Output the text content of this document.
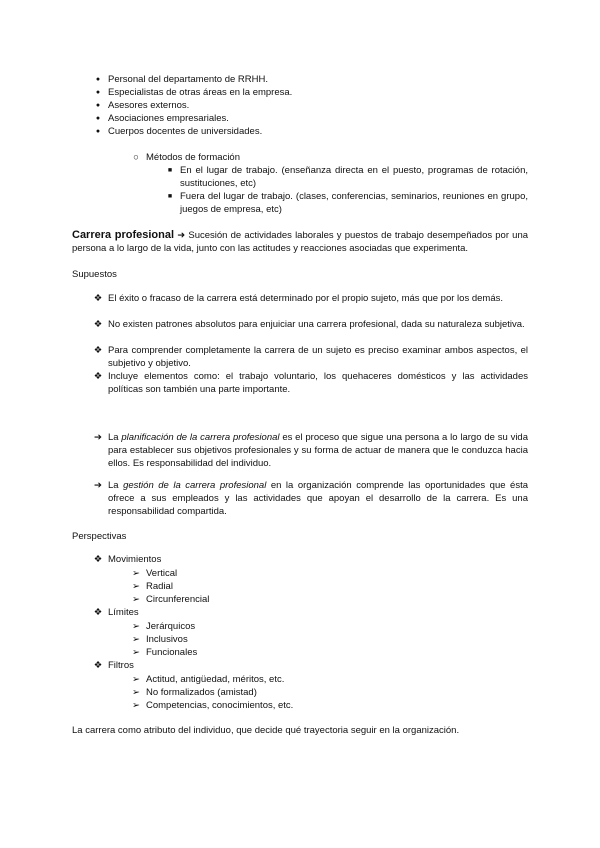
● Personal del departamento de RRHH.
● Especialistas de otras áreas en la empresa.
● Asesores externos.
● Asociaciones empresariales.
● Cuerpos docentes de universidades.
○ Métodos de formación
■ En el lugar de trabajo. (enseñanza directa en el puesto, programas de rotación, sustituciones, etc)
■ Fuera del lugar de trabajo. (clases, conferencias, seminarios, reuniones en grupo, juegos de empresa, etc)
Carrera profesional ➜ Sucesión de actividades laborales y puestos de trabajo desempeñados por una persona a lo largo de la vida, junto con las actitudes y reacciones asociadas que experimenta.
Supuestos
❖ El éxito o fracaso de la carrera está determinado por el propio sujeto, más que por los demás.
❖ No existen patrones absolutos para enjuiciar una carrera profesional, dada su naturaleza subjetiva.
❖ Para comprender completamente la carrera de un sujeto es preciso examinar ambos aspectos, el subjetivo y objetivo.
❖ Incluye elementos como: el trabajo voluntario, los quehaceres domésticos y las actividades políticas son también una parte importante.
➔ La planificación de la carrera profesional es el proceso que sigue una persona a lo largo de su vida para establecer sus objetivos profesionales y su forma de actuar de manera que le conduzca hacia ellos. Es responsabilidad del individuo.
➔ La gestión de la carrera profesional en la organización comprende las oportunidades que ésta ofrece a sus empleados y las actividades que apoyan el desarrollo de la carrera. Es una responsabilidad compartida.
Perspectivas
❖ Movimientos
➢ Vertical
➢ Radial
➢ Circunferencial
❖ Límites
➢ Jerárquicos
➢ Inclusivos
➢ Funcionales
❖ Filtros
➢ Actitud, antigüedad, méritos, etc.
➢ No formalizados (amistad)
➢ Competencias, conocimientos, etc.
La carrera como atributo del individuo, que decide qué trayectoria seguir en la organización.
